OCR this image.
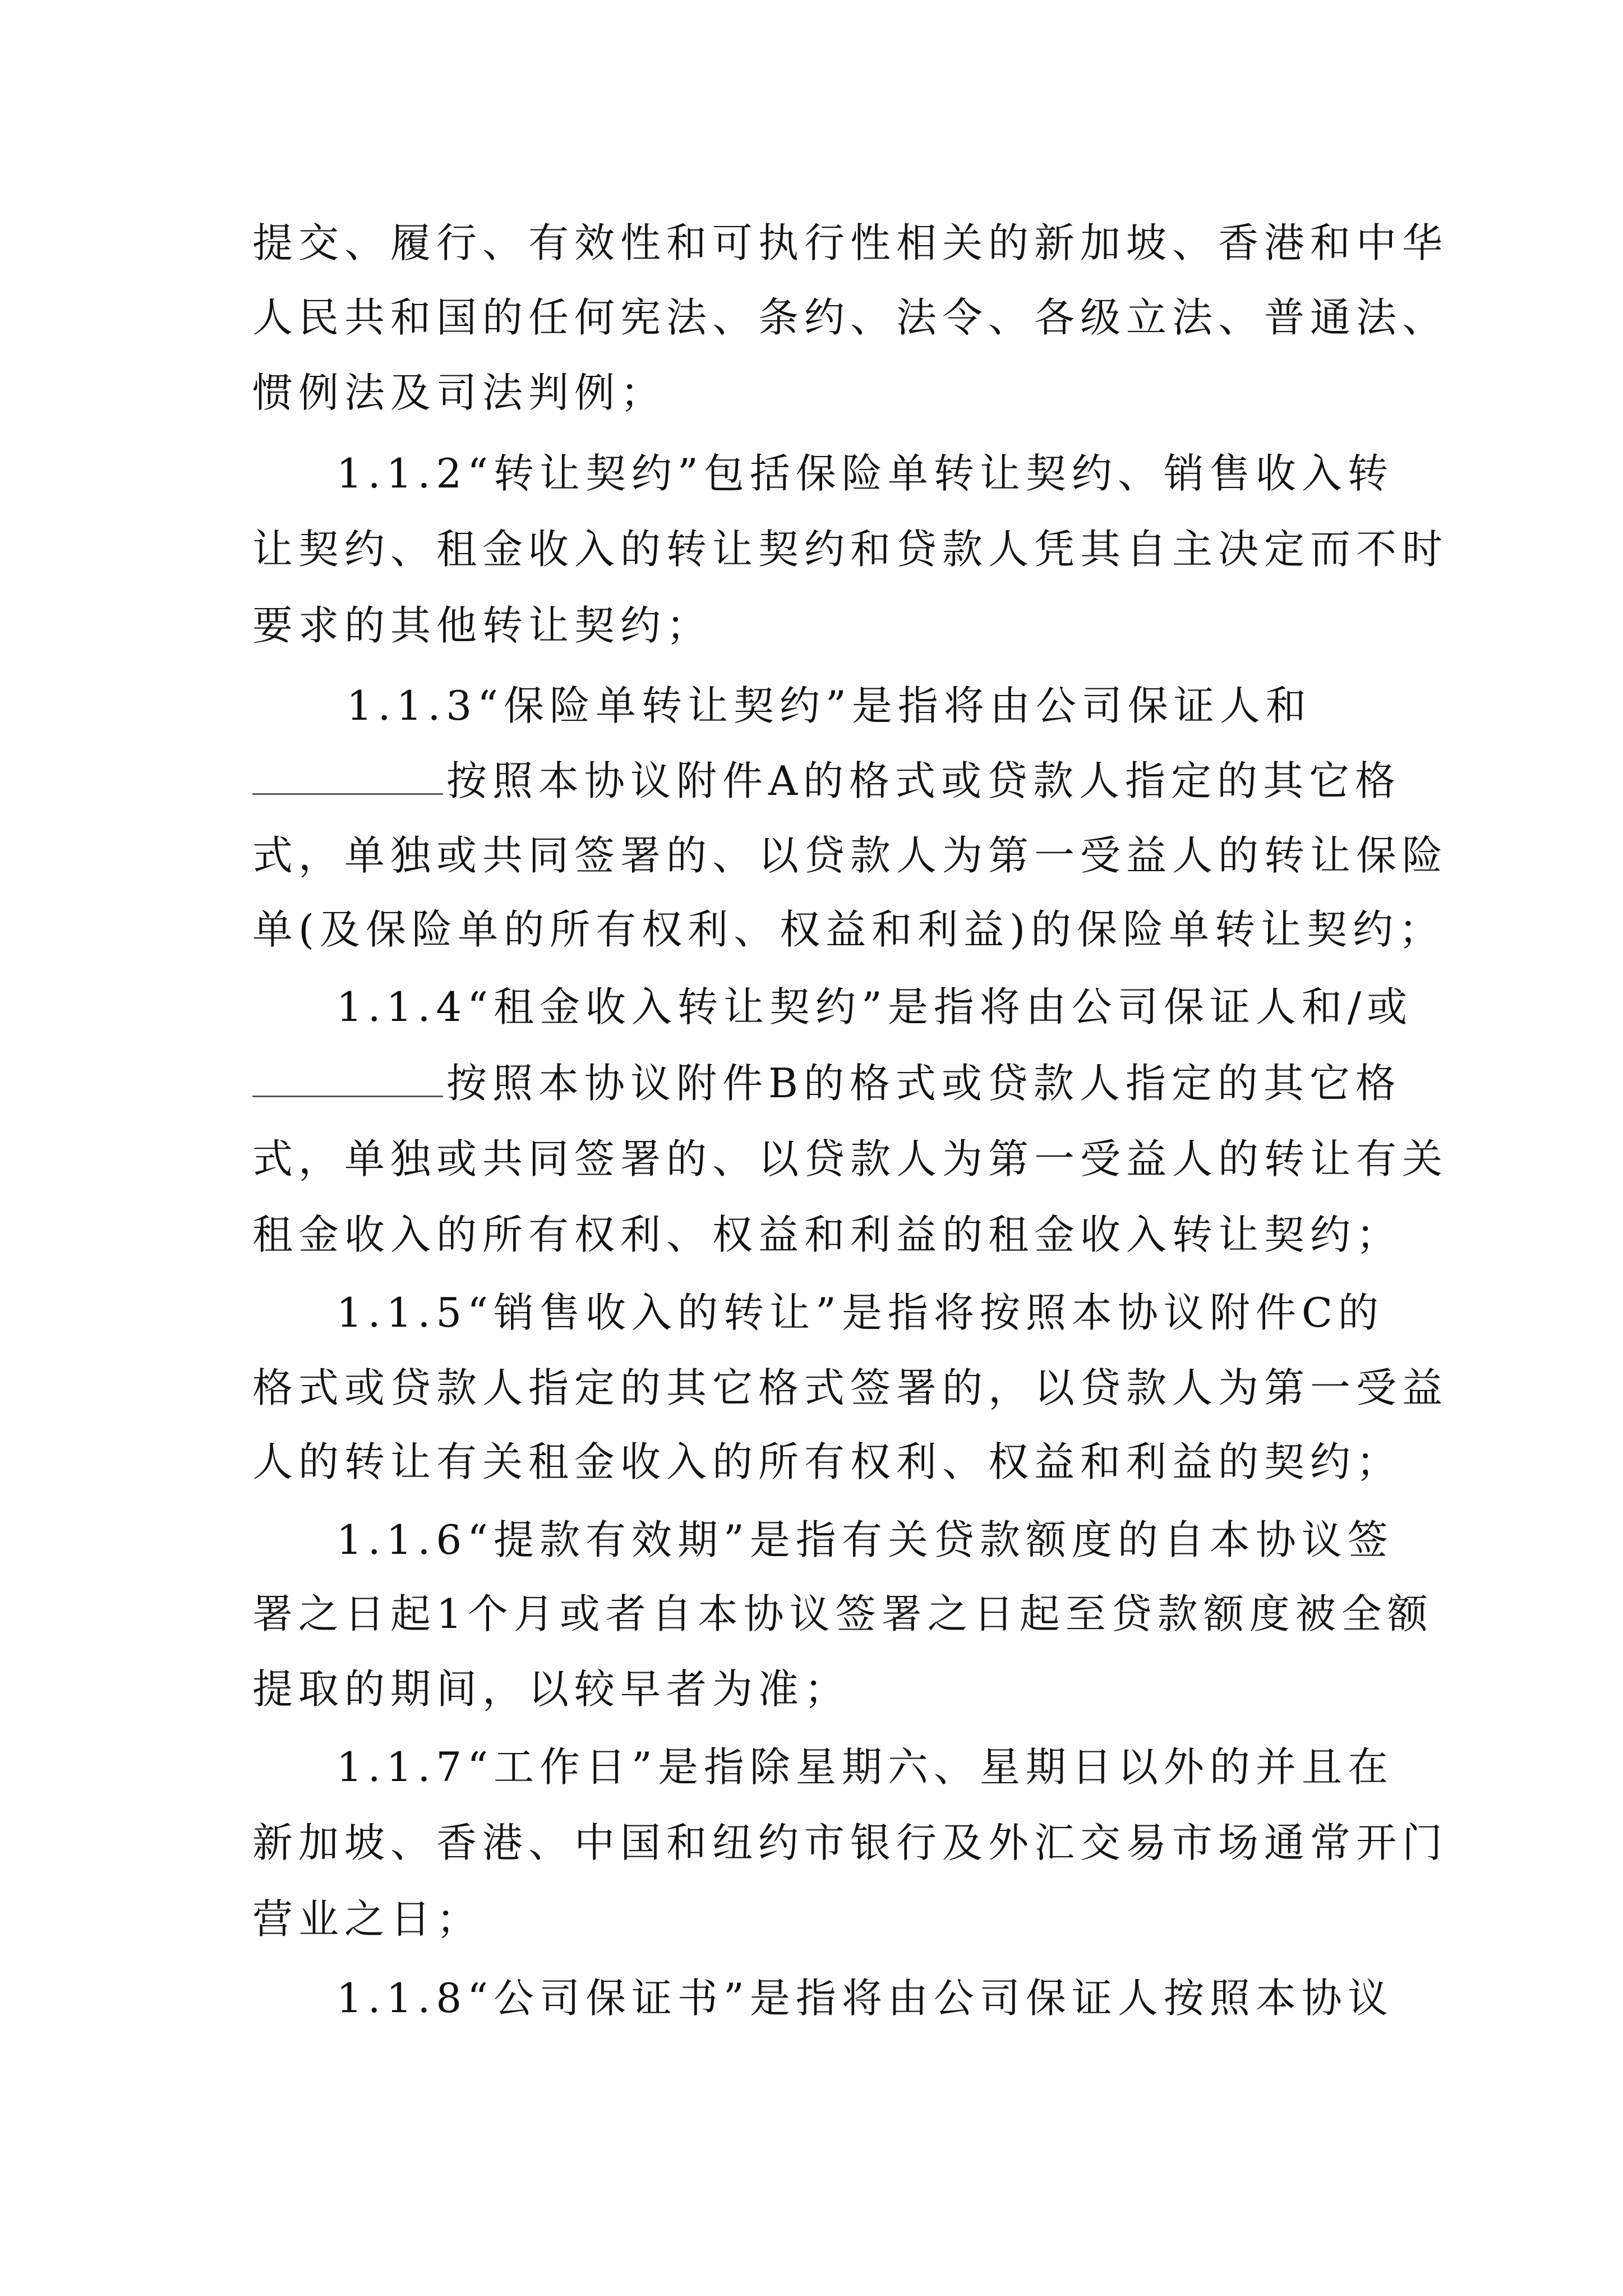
提交、履行、有效性和可执行性相关的新加坡、香港和中华
人民共和国的任何宪法、条约、法令、各级立法、普通法、
惯例法及司法判例；
1.1.2“转让契约”包括保险单转让契约、销售收入转
让契约、租金收入的转让契约和贷款人凭其自主决定而不时
要求的其他转让契约；
1.1.3“保险单转让契约”是指将由公司保证人和
按照本协议附件A的格式或贷款人指定的其它格
式，单独或共同签署的、以贷款人为第一受益人的转让保险
单(及保险单的所有权利、权益和利益)的保险单转让契约；
1.1.4“租金收入转让契约”是指将由公司保证人和/或
按照本协议附件B的格式或贷款人指定的其它格
式，单独或共同签署的、以贷款人为第一受益人的转让有关
租金收入的所有权利、权益和利益的租金收入转让契约；
1.1.5“销售收入的转让”是指将按照本协议附件C的
格式或贷款人指定的其它格式签署的，以贷款人为第一受益
人的转让有关租金收入的所有权利、权益和利益的契约；
1.1.6“提款有效期”是指有关贷款额度的自本协议签
署之日起1个月或者自本协议签署之日起至贷款额度被全额
提取的期间，以较早者为准；
1.1.7“工作日”是指除星期六、星期日以外的并且在
新加坡、香港、中国和纽约市银行及外汇交易市场通常开门
营业之日；
1.1.8“公司保证书”是指将由公司保证人按照本协议
